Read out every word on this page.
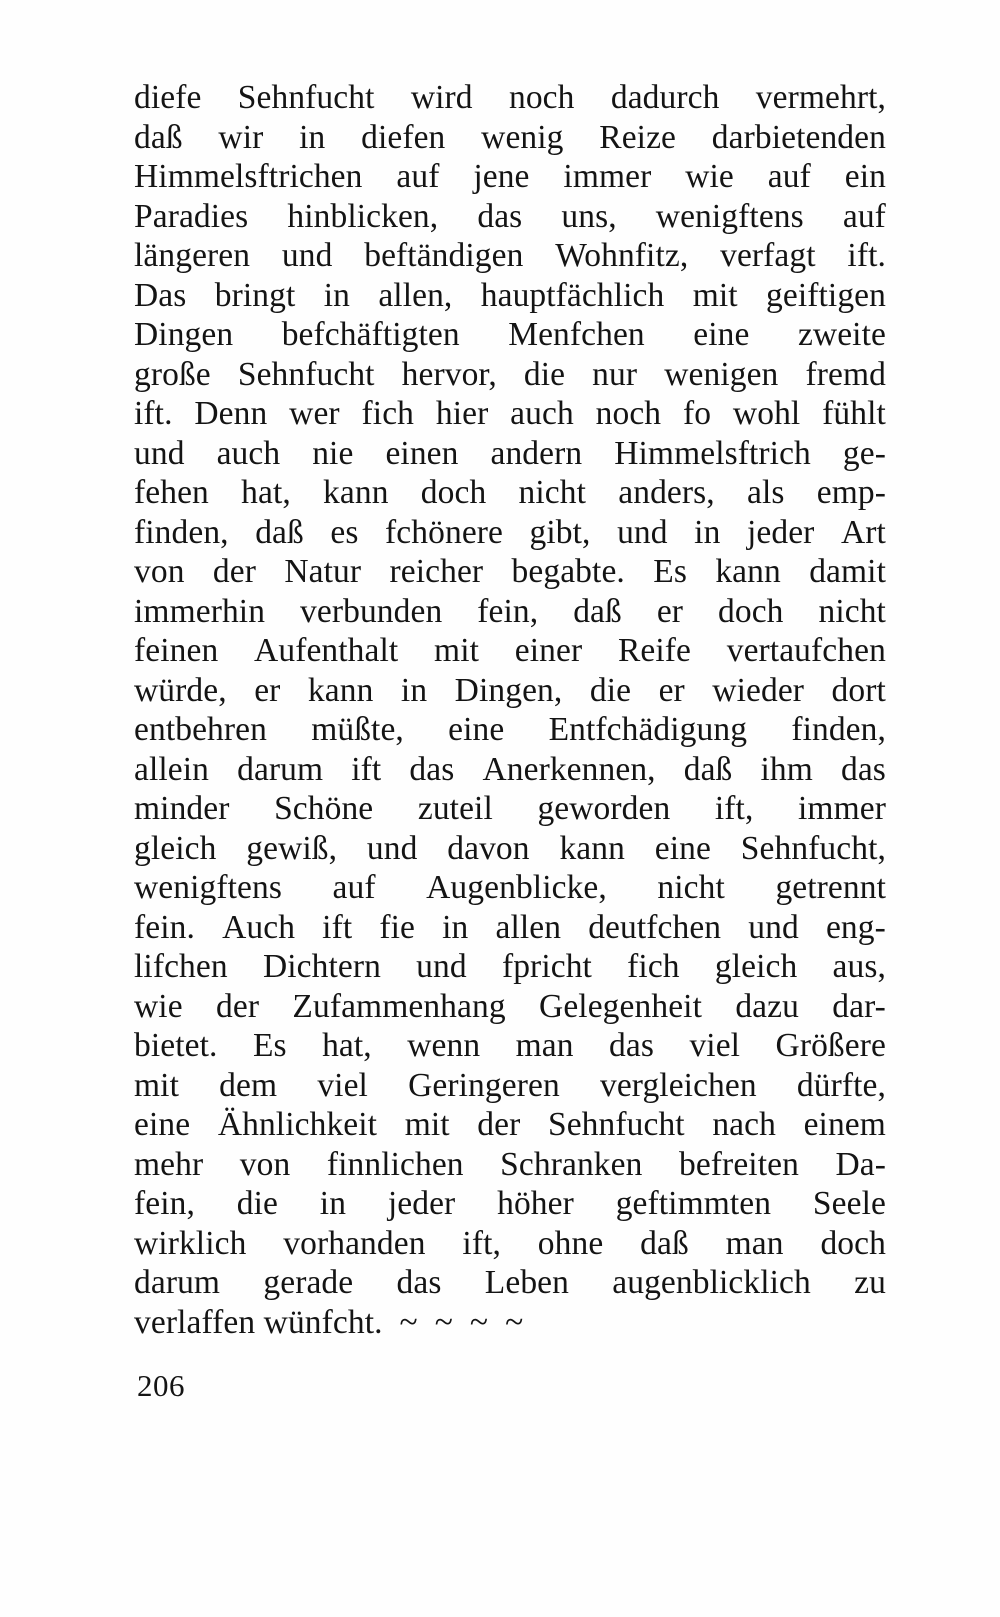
diefe Sehnfucht wird noch dadurch vermehrt,
daß wir in diefen wenig Reize darbietenden
Himmelsftrichen auf jene immer wie auf ein
Paradies hinblicken, das uns, wenigftens auf
längeren und beftändigen Wohnfitz, verfagt ift.
Das bringt in allen, hauptfächlich mit geiftigen
Dingen befchäftigten Menfchen eine zweite
große Sehnfucht hervor, die nur wenigen fremd
ift. Denn wer fich hier auch noch fo wohl fühlt
und auch nie einen andern Himmelsftrich ge-
fehen hat, kann doch nicht anders, als emp-
finden, daß es fchönere gibt, und in jeder Art
von der Natur reicher begabte. Es kann damit
immerhin verbunden fein, daß er doch nicht
feinen Aufenthalt mit einer Reife vertaufchen
würde, er kann in Dingen, die er wieder dort
entbehren müßte, eine Entfchädigung finden,
allein darum ift das Anerkennen, daß ihm das
minder Schöne zuteil geworden ift, immer
gleich gewiß, und davon kann eine Sehnfucht,
wenigftens auf Augenblicke, nicht getrennt
fein. Auch ift fie in allen deutfchen und eng-
lifchen Dichtern und fpricht fich gleich aus,
wie der Zufammenhang Gelegenheit dazu dar-
bietet. Es hat, wenn man das viel Größere
mit dem viel Geringeren vergleichen dürfte,
eine Ähnlichkeit mit der Sehnfucht nach einem
mehr von finnlichen Schranken befreiten Da-
fein, die in jeder höher geftimmten Seele
wirklich vorhanden ift, ohne daß man doch
darum gerade das Leben augenblicklich zu
verlaffen wünfcht.  ~  ~  ~  ~
206
